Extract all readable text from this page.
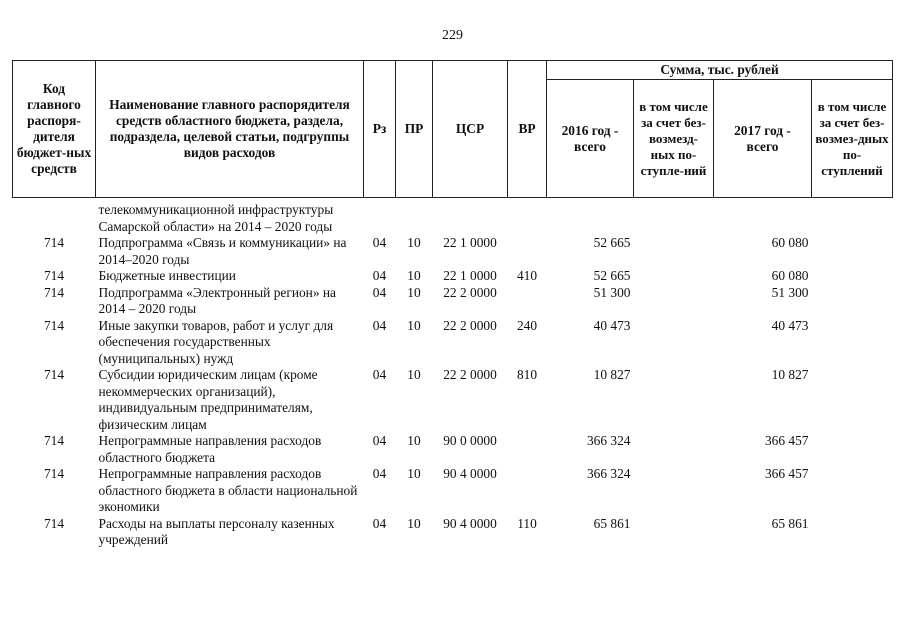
229
Код главного распоря-дителя бюджет-ных средств	Наименование главного распорядителя средств областного бюджета, раздела, подраздела, целевой статьи, подгруппы видов расходов	Рз	ПР	ЦСР	ВР	Сумма, тыс. рублей			
						2016 год - всего	в том числе за счет без-возмезд-ных по-ступле-ний	2017 год - всего	в том числе за счет без-возмез-дных по-ступлений

	телекоммуникационной инфраструктуры Самарской области» на 2014 – 2020 годы								
714	Подпрограмма «Связь и коммуникации» на 2014–2020 годы	04	10	22 1 0000		52 665		60 080	
714	Бюджетные инвестиции	04	10	22 1 0000	410	52 665		60 080	
714	Подпрограмма «Электронный регион» на 2014 – 2020 годы	04	10	22 2 0000		51 300		51 300	
714	Иные закупки товаров, работ и услуг для обеспечения государственных (муниципальных) нужд	04	10	22 2 0000	240	40 473		40 473	
714	Субсидии юридическим лицам (кроме некоммерческих организаций), индивидуальным предпринимателям, физическим лицам	04	10	22 2 0000	810	10 827		10 827	
714	Непрограммные направления расходов областного бюджета	04	10	90 0 0000		366 324		366 457	
714	Непрограммные направления расходов областного бюджета в области национальной экономики	04	10	90 4 0000		366 324		366 457	
714	Расходы на выплаты персоналу казенных учреждений	04	10	90 4 0000	110	65 861		65 861	
